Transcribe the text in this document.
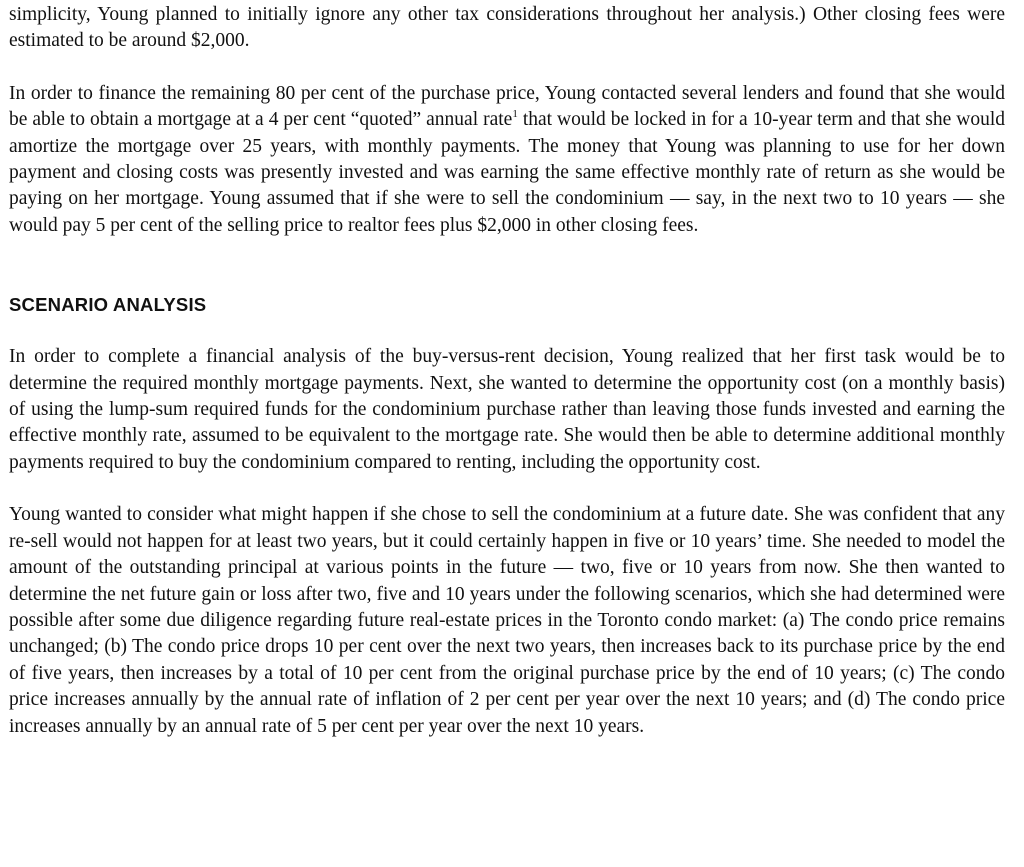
simplicity, Young planned to initially ignore any other tax considerations throughout her analysis.) Other closing fees were estimated to be around $2,000.

In order to finance the remaining 80 per cent of the purchase price, Young contacted several lenders and found that she would be able to obtain a mortgage at a 4 per cent “quoted” annual rate$^1$ that would be locked in for a 10-year term and that she would amortize the mortgage over 25 years, with monthly payments. The money that Young was planning to use for her down payment and closing costs was presently invested and was earning the same effective monthly rate of return as she would be paying on her mortgage. Young assumed that if she were to sell the condominium — say, in the next two to 10 years — she would pay 5 per cent of the selling price to realtor fees plus $2,000 in other closing fees.

SCENARIO ANALYSIS

In order to complete a financial analysis of the buy-versus-rent decision, Young realized that her first task would be to determine the required monthly mortgage payments. Next, she wanted to determine the opportunity cost (on a monthly basis) of using the lump-sum required funds for the condominium purchase rather than leaving those funds invested and earning the effective monthly rate, assumed to be equivalent to the mortgage rate. She would then be able to determine additional monthly payments required to buy the condominium compared to renting, including the opportunity cost.

Young wanted to consider what might happen if she chose to sell the condominium at a future date. She was confident that any re-sell would not happen for at least two years, but it could certainly happen in five or 10 years’ time. She needed to model the amount of the outstanding principal at various points in the future — two, five or 10 years from now. She then wanted to determine the net future gain or loss after two, five and 10 years under the following scenarios, which she had determined were possible after some due diligence regarding future real-estate prices in the Toronto condo market: (a) The condo price remains unchanged; (b) The condo price drops 10 per cent over the next two years, then increases back to its purchase price by the end of five years, then increases by a total of 10 per cent from the original purchase price by the end of 10 years; (c) The condo price increases annually by the annual rate of inflation of 2 per cent per year over the next 10 years; and (d) The condo price increases annually by an annual rate of 5 per cent per year over the next 10 years.
